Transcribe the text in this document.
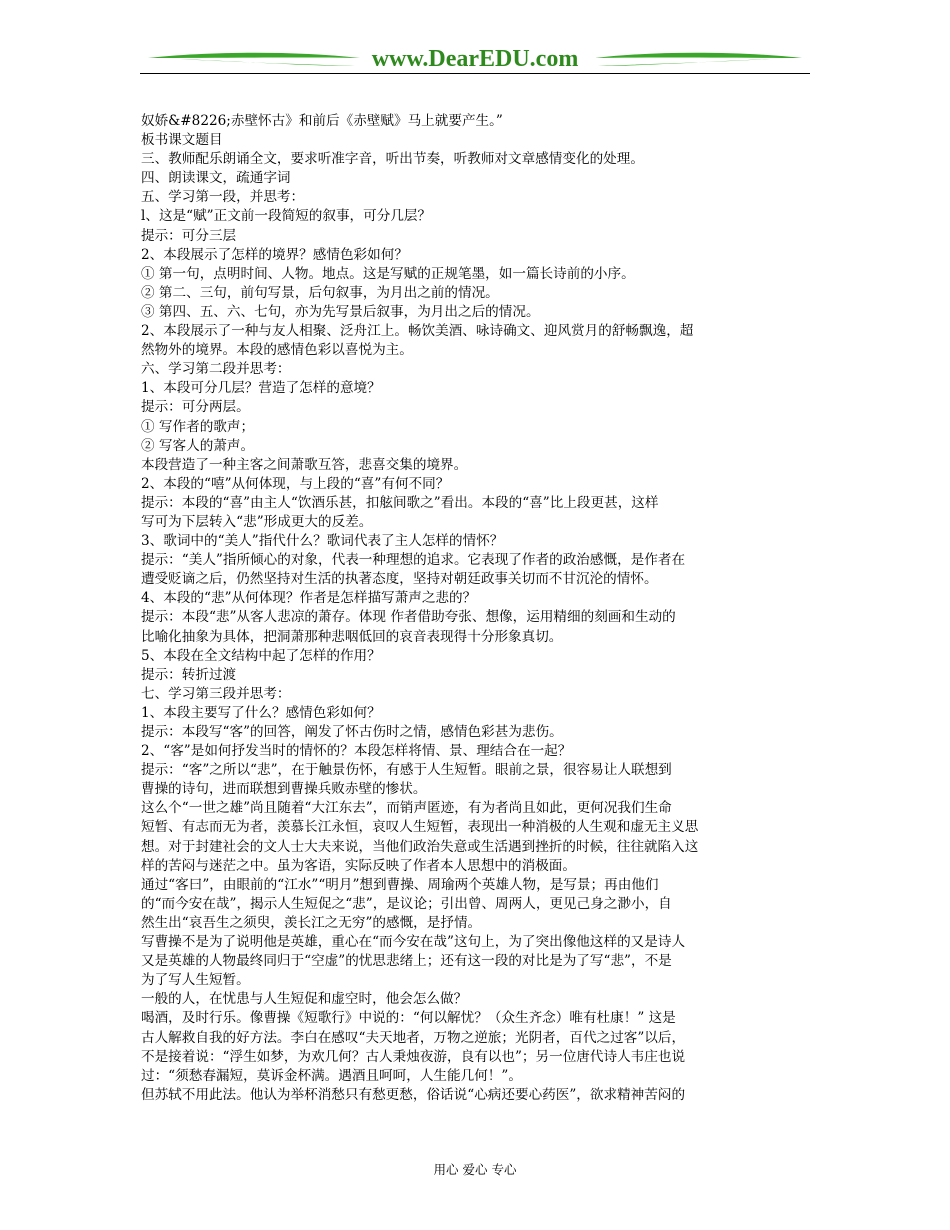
www.DearEDU.com
奴娇&#8226;赤壁怀古》和前后《赤壁赋》马上就要产生。”
板书课文题目
三、教师配乐朗诵全文，要求听准字音，听出节奏，听教师对文章感情变化的处理。
四、朗读课文，疏通字词
五、学习第一段，并思考：
l、这是“赋”正文前一段简短的叙事，可分几层？
提示：可分三层
2、本段展示了怎样的境界？感情色彩如何？
① 第一句，点明时间、人物。地点。这是写赋的正规笔墨，如一篇长诗前的小序。
② 第二、三句，前句写景，后句叙事，为月出之前的情况。
③ 第四、五、六、七句，亦为先写景后叙事，为月出之后的情况。
2、本段展示了一种与友人相聚、泛舟江上。畅饮美酒、咏诗确文、迎风赏月的舒畅飘逸，超
然物外的境界。本段的感情色彩以喜悦为主。
六、学习第二段并思考：
1、本段可分几层？营造了怎样的意境？
提示：可分两层。
① 写作者的歌声；
② 写客人的萧声。
本段营造了一种主客之间萧歌互答，悲喜交集的境界。
2、本段的“嘻”从何体现，与上段的“喜”有何不同？
提示：本段的“喜”由主人“饮酒乐甚，扣舷间歌之”看出。本段的“喜”比上段更甚，这样
写可为下层转入“悲”形成更大的反差。
3、歌词中的“美人”指代什么？歌词代表了主人怎样的情怀？
提示：“美人”指所倾心的对象，代表一种理想的追求。它表现了作者的政治感慨，是作者在
遭受贬谪之后，仍然坚持对生活的执著态度，坚持对朝廷政事关切而不甘沉沦的情怀。
4、本段的“悲”从何体现？作者是怎样描写萧声之悲的？
提示：本段“悲”从客人悲凉的萧存。体现 作者借助夸张、想像，运用精细的刻画和生动的
比喻化抽象为具体，把洞萧那种悲咽低回的哀音表现得十分形象真切。
5、本段在全文结构中起了怎样的作用？
提示：转折过渡
七、学习第三段并思考：
1、本段主要写了什么？感情色彩如何？
提示：本段写“客”的回答，阐发了怀古伤时之情，感情色彩甚为悲伤。
2、“客”是如何抒发当时的情怀的？本段怎样将情、景、理结合在一起？
提示：“客”之所以“悲”，在于触景伤怀，有感于人生短暂。眼前之景，很容易让人联想到
曹操的诗句，进而联想到曹操兵败赤壁的惨状。
这么个“一世之雄”尚且随着“大江东去”，而销声匿迹，有为者尚且如此，更何况我们生命
短暂、有志而无为者，羡慕长江永恒，哀叹人生短暂，表现出一种消极的人生观和虚无主义思
想。对于封建社会的文人士大夫来说，当他们政治失意或生活遇到挫折的时候，往往就陷入这
样的苦闷与迷茫之中。虽为客语，实际反映了作者本人思想中的消极面。
通过“客曰”，由眼前的“江水”“明月”想到曹操、周瑜两个英雄人物，是写景；再由他们
的“而今安在哉”，揭示人生短促之“悲”，是议论；引出曾、周两人，更见己身之渺小，自
然生出“哀吾生之须臾，羡长江之无穷”的感慨，是抒情。
写曹操不是为了说明他是英雄，重心在“而今安在哉”这句上，为了突出像他这样的又是诗人
又是英雄的人物最终同归于“空虚”的忧思悲绪上；还有这一段的对比是为了写“悲”，不是
为了写人生短暂。
一般的人，在忧患与人生短促和虚空时，他会怎么做？
喝酒，及时行乐。像曹操《短歌行》中说的：“何以解忧？（众生齐念）唯有杜康！” 这是
古人解救自我的好方法。李白在感叹“夫天地者，万物之逆旅；光阴者，百代之过客”以后，
不是接着说：“浮生如梦，为欢几何？古人秉烛夜游，良有以也”；另一位唐代诗人韦庄也说
过：“须愁春漏短，莫诉金杯满。遇酒且呵呵，人生能几何！”。
但苏轼不用此法。他认为举杯消愁只有愁更愁，俗话说“心病还要心药医”，欲求精神苦闷的
用心 爱心 专心
